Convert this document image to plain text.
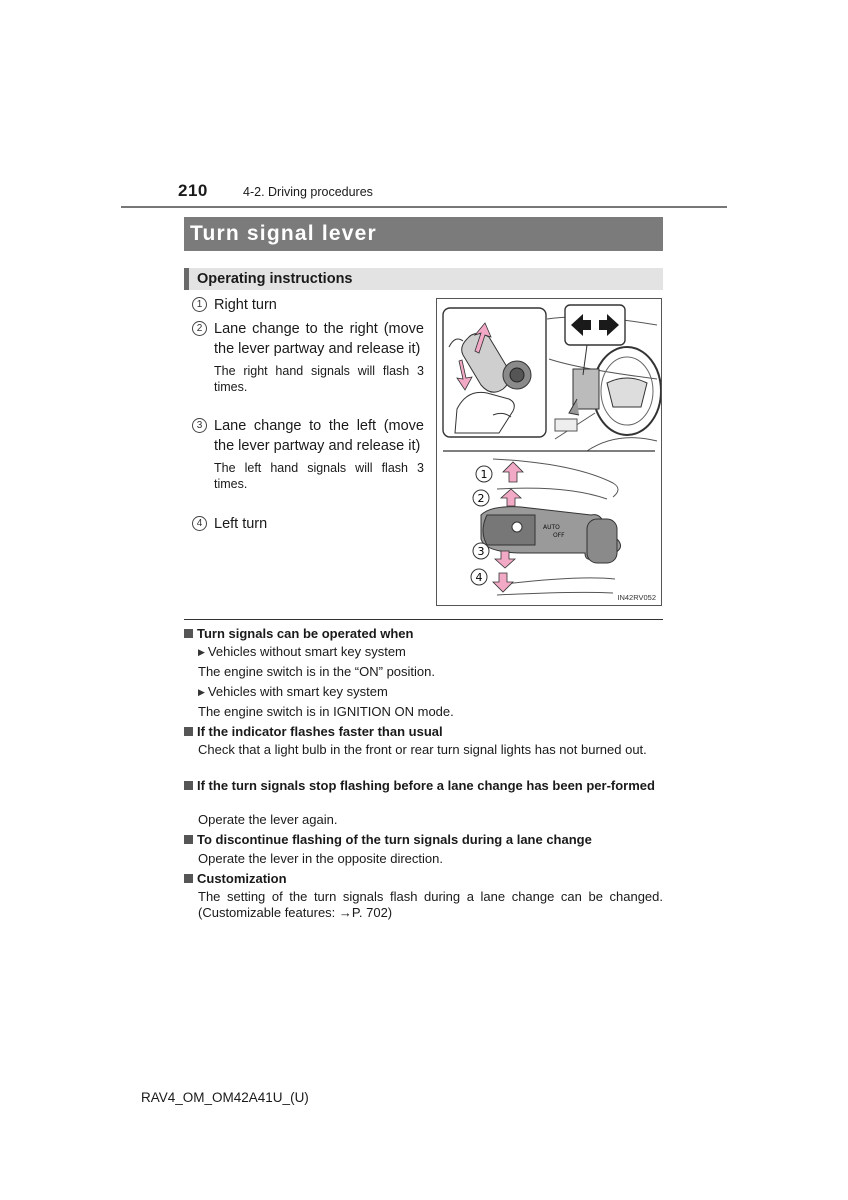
210	4-2. Driving procedures
Turn signal lever
Operating instructions
1 Right turn
2 Lane change to the right (move the lever partway and release it)
The right hand signals will flash 3 times.
3 Lane change to the left (move the lever partway and release it)
The left hand signals will flash 3 times.
4 Left turn	AUTO
OFF
1
2
3
4
IN42RV052
Turn signals can be operated when
▶ Vehicles without smart key system
The engine switch is in the “ON” position.
▶ Vehicles with smart key system
The engine switch is in IGNITION ON mode.
If the indicator flashes faster than usual
Check that a light bulb in the front or rear turn signal lights has not burned out.
If the turn signals stop flashing before a lane change has been per-formed
Operate the lever again.
To discontinue flashing of the turn signals during a lane change
Operate the lever in the opposite direction.
Customization
The setting of the turn signals flash during a lane change can be changed. (Customizable features: →P. 702)
RAV4_OM_OM42A41U_(U)
